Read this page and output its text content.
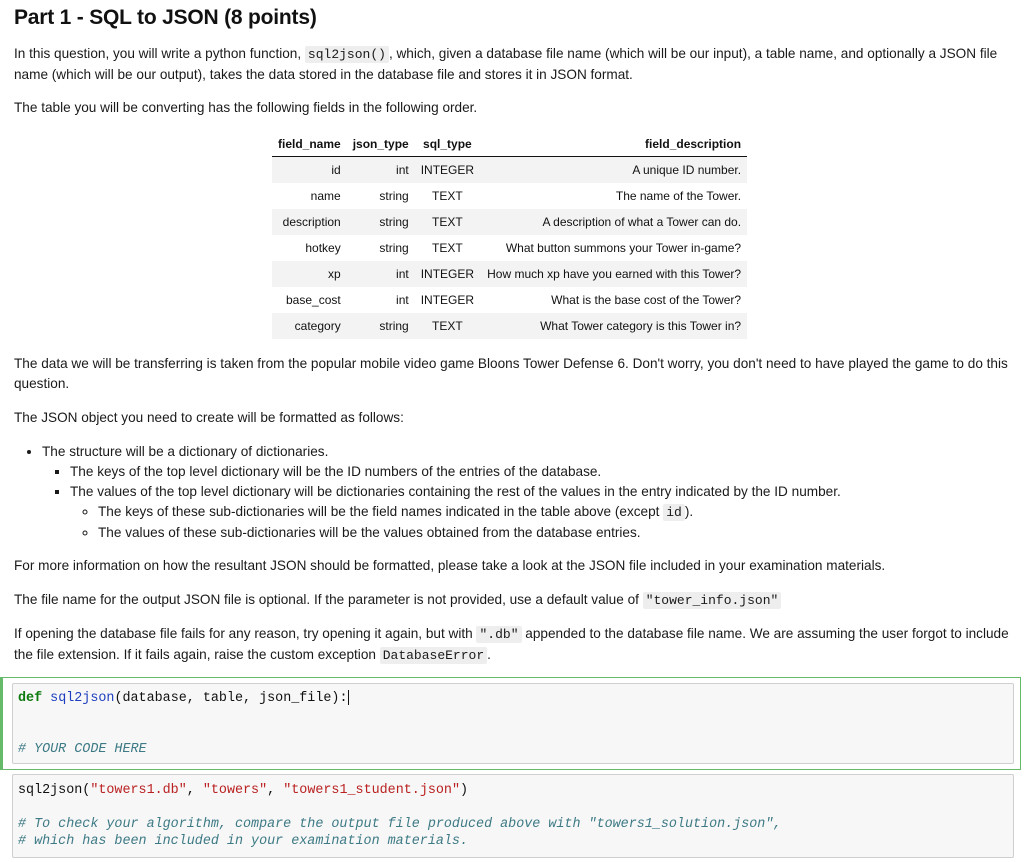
Part 1 - SQL to JSON (8 points)

In this question, you will write a python function, sql2json() , which, given a database file name (which will be our input), a table name, and optionally a JSON file name (which will be our output), takes the data stored in the database file and stores it in JSON format.

The table you will be converting has the following fields in the following order.

field_name	json_type	sql_type	field_description
id	int	INTEGER	A unique ID number.
name	string	TEXT	The name of the Tower.
description	string	TEXT	A description of what a Tower can do.
hotkey	string	TEXT	What button summons your Tower in-game?
xp	int	INTEGER	How much xp have you earned with this Tower?
base_cost	int	INTEGER	What is the base cost of the Tower?
category	string	TEXT	What Tower category is this Tower in?

The data we will be transferring is taken from the popular mobile video game Bloons Tower Defense 6. Don't worry, you don't need to have played the game to do this question.

The JSON object you need to create will be formatted as follows:

• The structure will be a dictionary of dictionaries.
▪ The keys of the top level dictionary will be the ID numbers of the entries of the database.
▪ The values of the top level dictionary will be dictionaries containing the rest of the values in the entry indicated by the ID number.
◦ The keys of these sub-dictionaries will be the field names indicated in the table above (except id ).
◦ The values of these sub-dictionaries will be the values obtained from the database entries.

For more information on how the resultant JSON should be formatted, please take a look at the JSON file included in your examination materials.

The file name for the output JSON file is optional. If the parameter is not provided, use a default value of "tower_info.json"

If opening the database file fails for any reason, try opening it again, but with ".db" appended to the database file name. We are assuming the user forgot to include the file extension. If it fails again, raise the custom exception DatabaseError .

def sql2json(database, table, json_file):

# YOUR CODE HERE

sql2json("towers1.db", "towers", "towers1_student.json")

# To check your algorithm, compare the output file produced above with "towers1_solution.json",

# which has been included in your examination materials.
